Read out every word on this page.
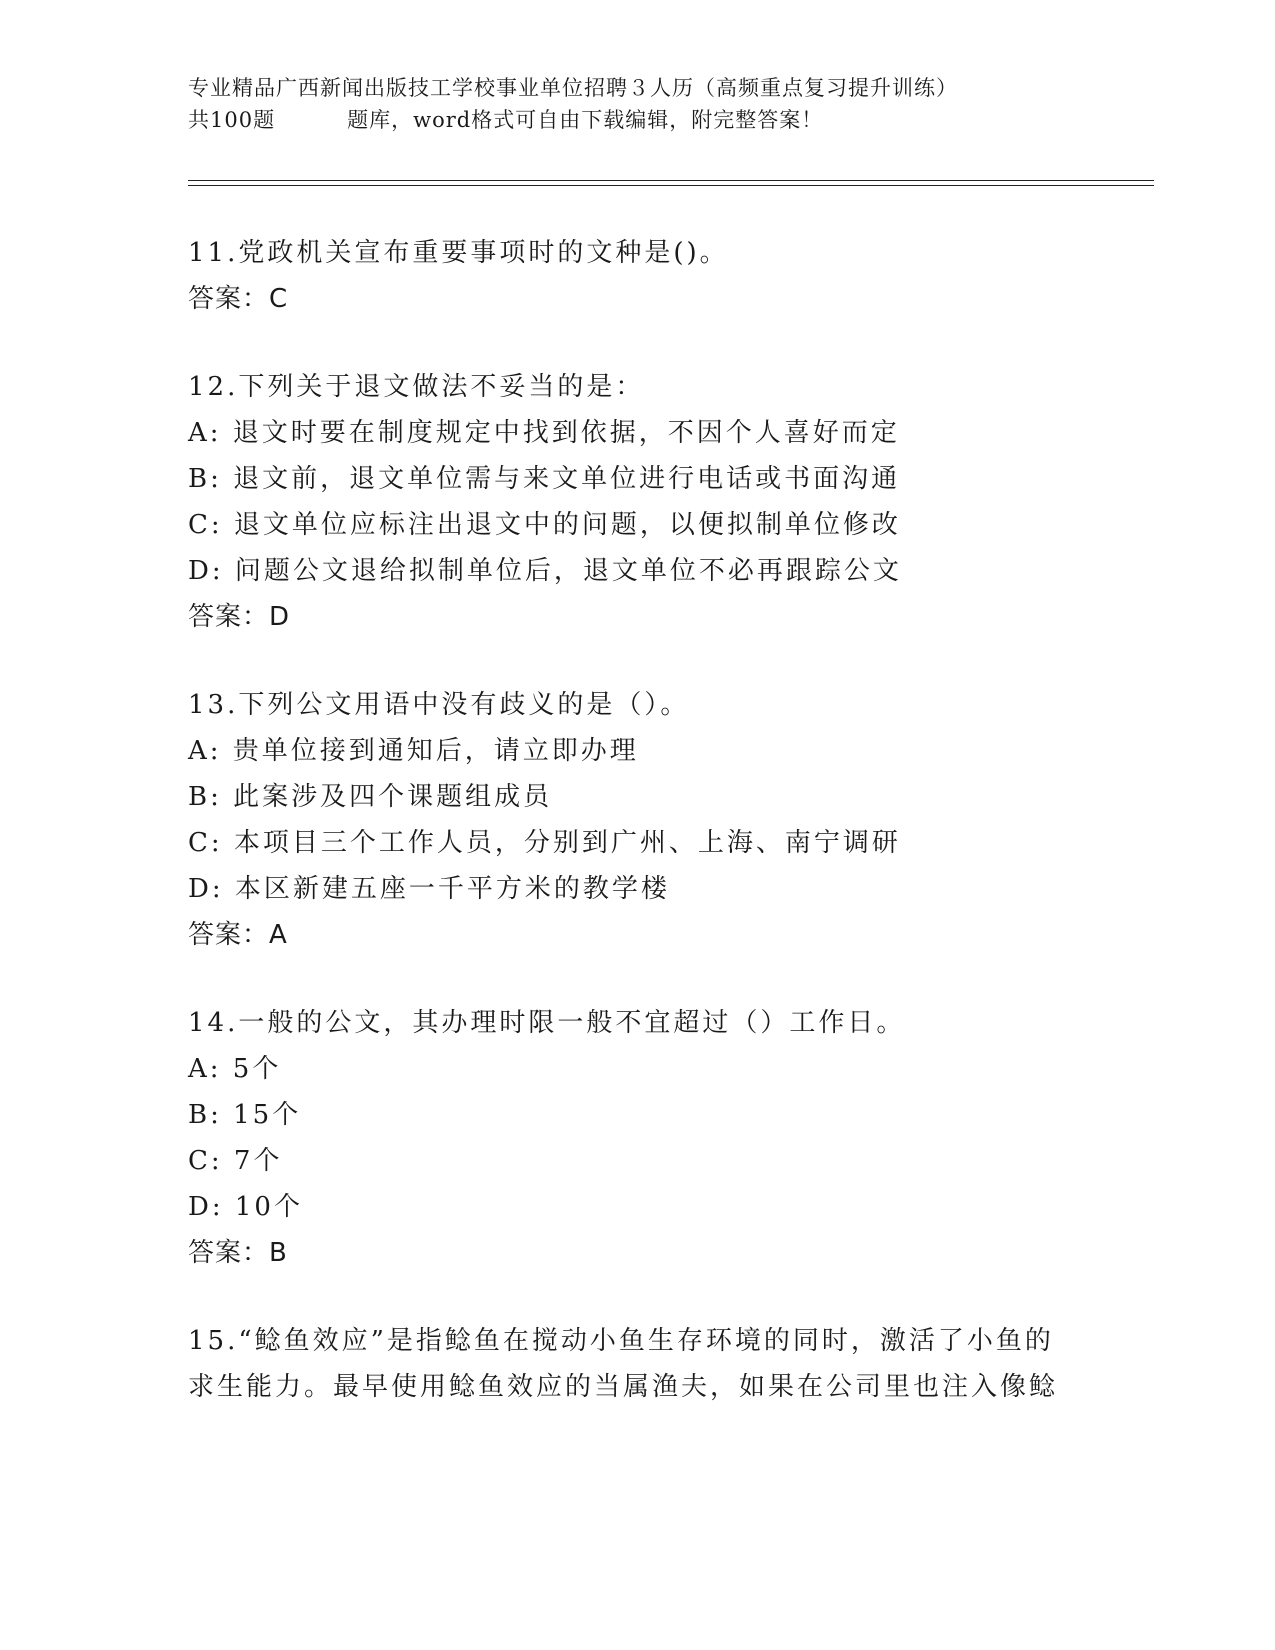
专业精品广西新闻出版技工学校事业单位招聘３人历（高频重点复习提升训练）
共100题	题库，word格式可自由下载编辑，附完整答案！
11.党政机关宣布重要事项时的文种是()。
答案：C
12.下列关于退文做法不妥当的是：
A: 退文时要在制度规定中找到依据，不因个人喜好而定
B: 退文前，退文单位需与来文单位进行电话或书面沟通
C: 退文单位应标注出退文中的问题，以便拟制单位修改
D: 问题公文退给拟制单位后，退文单位不必再跟踪公文
答案：D
13.下列公文用语中没有歧义的是（）。
A: 贵单位接到通知后，请立即办理
B: 此案涉及四个课题组成员
C: 本项目三个工作人员，分别到广州、上海、南宁调研
D: 本区新建五座一千平方米的教学楼
答案：A
14.一般的公文，其办理时限一般不宜超过（）工作日。
A: 5个
B: 15个
C: 7个
D: 10个
答案：B
15.“鲶鱼效应”是指鲶鱼在搅动小鱼生存环境的同时，激活了小鱼的
求生能力。最早使用鲶鱼效应的当属渔夫，如果在公司里也注入像鲶
